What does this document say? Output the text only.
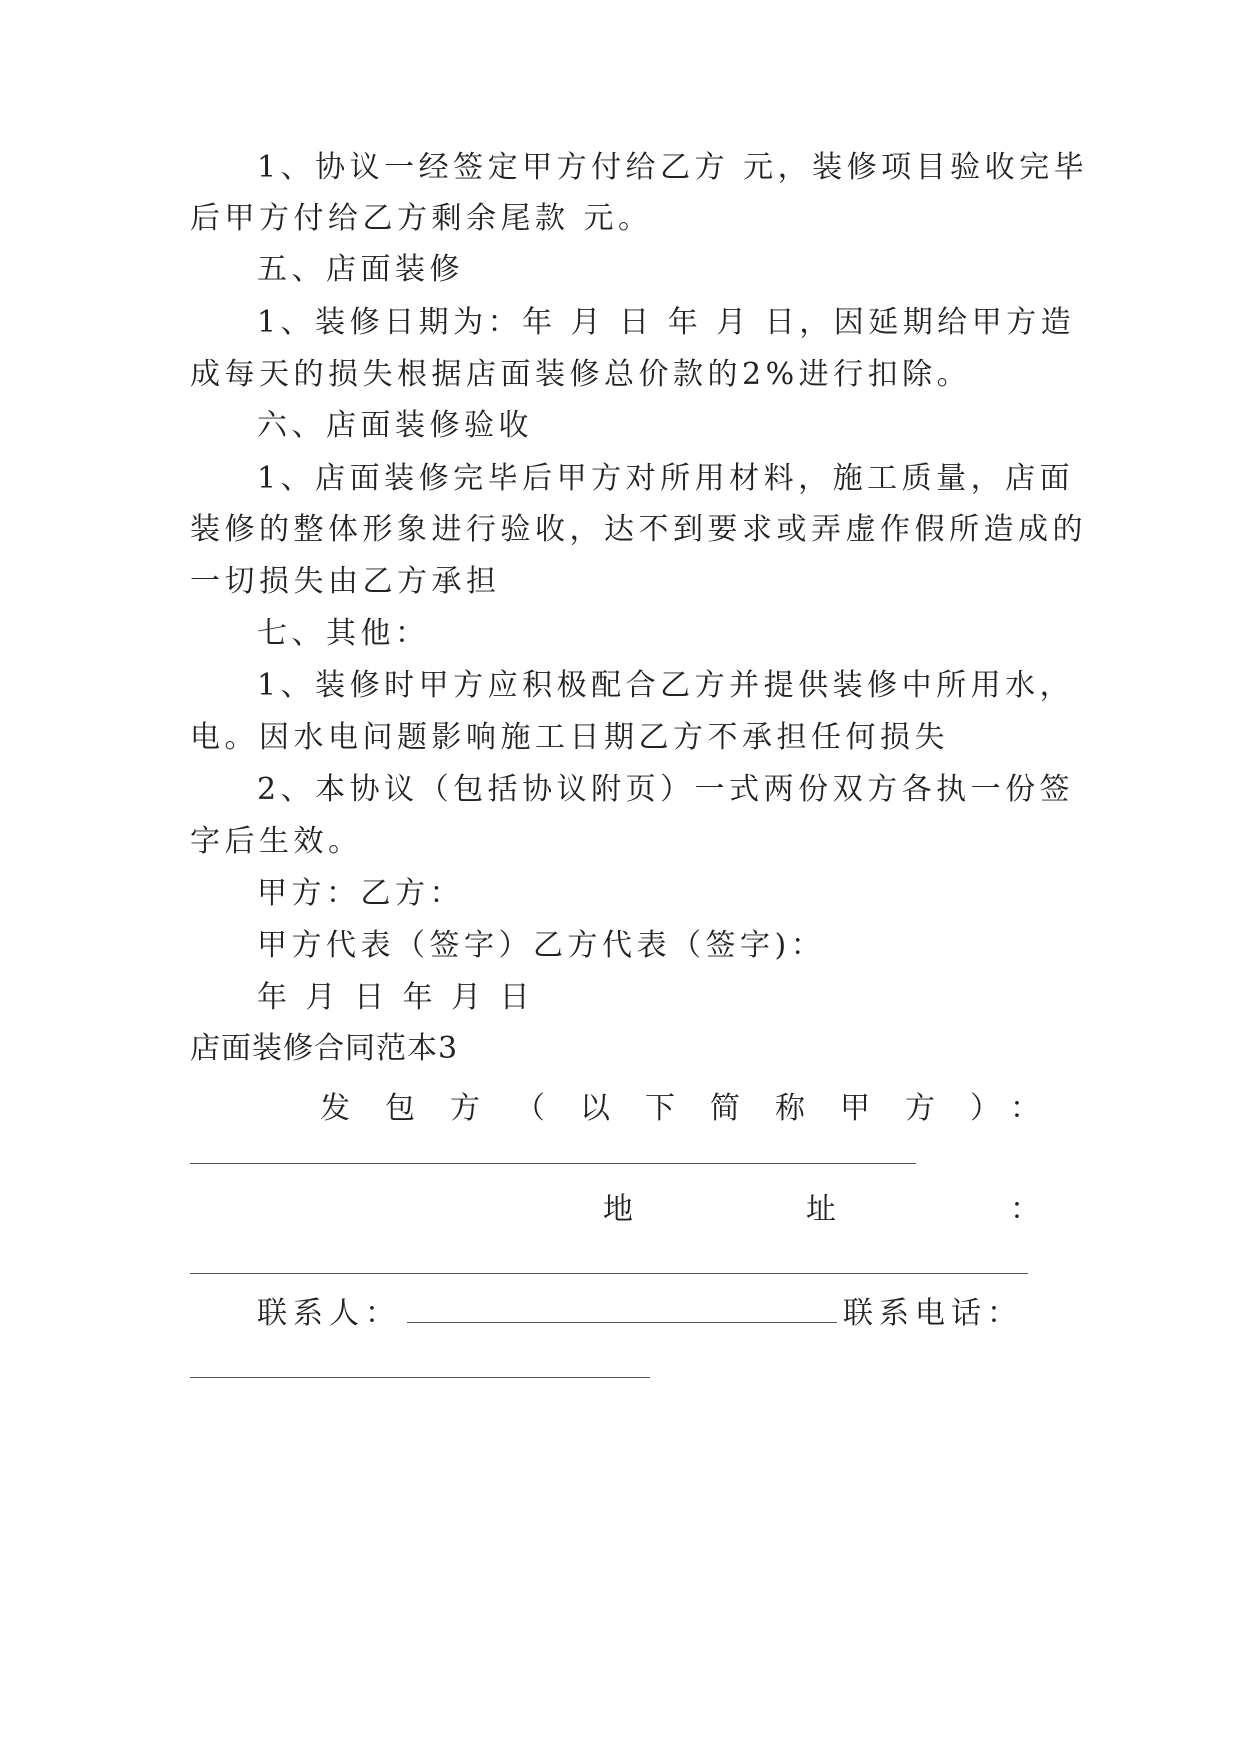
1、协议一经签定甲方付给乙方 元，装修项目验收完毕
后甲方付给乙方剩余尾款 元。
五、店面装修
1、装修日期为：年 月 日 年 月 日，因延期给甲方造
成每天的损失根据店面装修总价款的2%进行扣除。
六、店面装修验收
1、店面装修完毕后甲方对所用材料，施工质量，店面
装修的整体形象进行验收，达不到要求或弄虚作假所造成的
一切损失由乙方承担
七、其他：
1、装修时甲方应积极配合乙方并提供装修中所用水，
电。因水电问题影响施工日期乙方不承担任何损失
2、本协议（包括协议附页）一式两份双方各执一份签
字后生效。
甲方：乙方：
甲方代表（签字）乙方代表（签字)：
年 月 日 年 月 日
店面装修合同范本3
发 包 方 （ 以 下 简 称 甲 方 ） ：
地	址	：
联系人：	联系电话：
